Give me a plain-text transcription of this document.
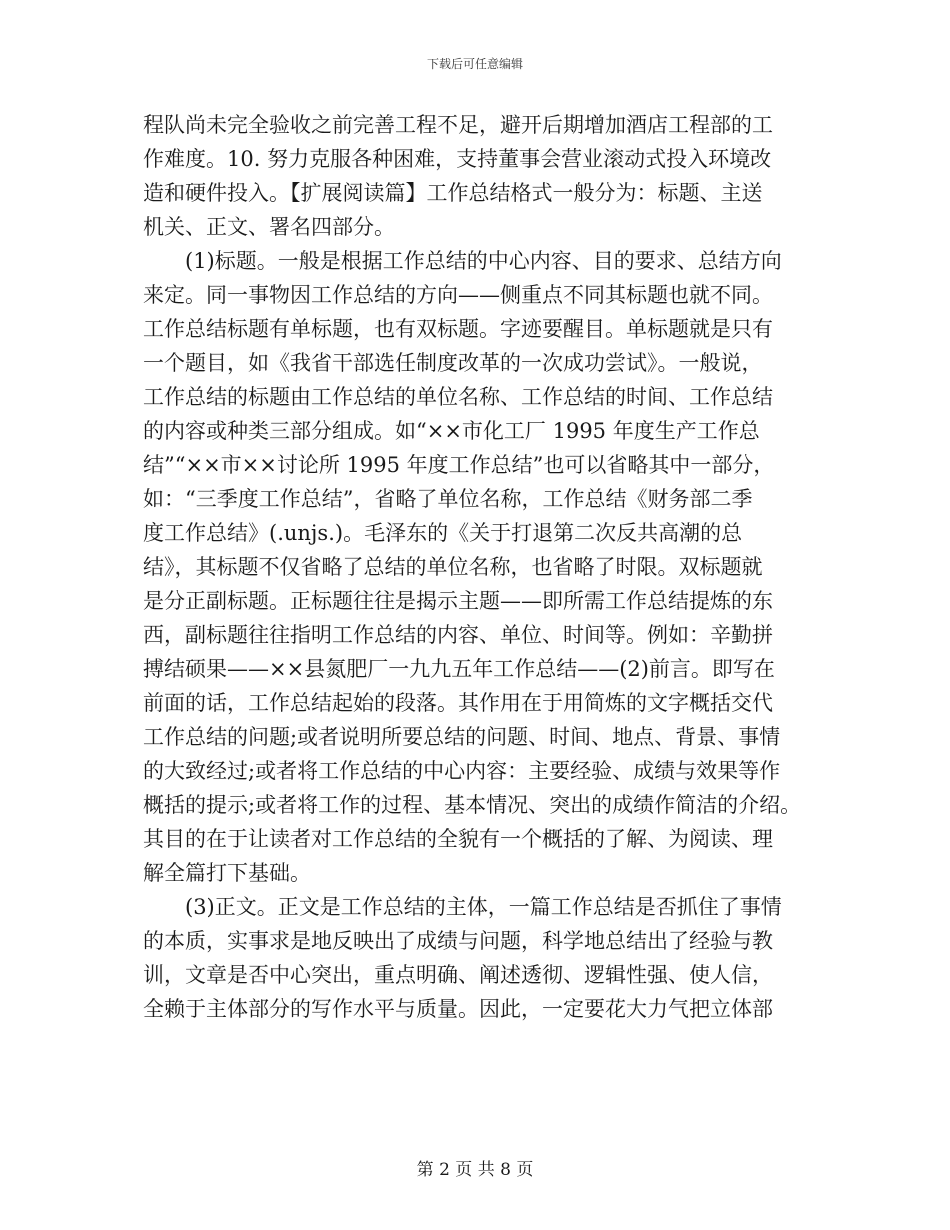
下载后可任意编辑
程队尚未完全验收之前完善工程不足，避开后期增加酒店工程部的工
作难度。10. 努力克服各种困难，支持董事会营业滚动式投入环境改
造和硬件投入。【扩展阅读篇】工作总结格式一般分为：标题、主送
机关、正文、署名四部分。
(1)标题。一般是根据工作总结的中心内容、目的要求、总结方向
来定。同一事物因工作总结的方向——侧重点不同其标题也就不同。
工作总结标题有单标题，也有双标题。字迹要醒目。单标题就是只有
一个题目，如《我省干部选任制度改革的一次成功尝试》。一般说，
工作总结的标题由工作总结的单位名称、工作总结的时间、工作总结
的内容或种类三部分组成。如“××市化工厂 1995 年度生产工作总
结”“××市××讨论所 1995 年度工作总结”也可以省略其中一部分，
如：“三季度工作总结”，省略了单位名称，工作总结《财务部二季
度工作总结》(.unjs.)。毛泽东的《关于打退第二次反共高潮的总
结》，其标题不仅省略了总结的单位名称，也省略了时限。双标题就
是分正副标题。正标题往往是揭示主题——即所需工作总结提炼的东
西，副标题往往指明工作总结的内容、单位、时间等。例如：辛勤拼
搏结硕果——××县氮肥厂一九九五年工作总结——(2)前言。即写在
前面的话，工作总结起始的段落。其作用在于用简炼的文字概括交代
工作总结的问题;或者说明所要总结的问题、时间、地点、背景、事情
的大致经过;或者将工作总结的中心内容：主要经验、成绩与效果等作
概括的提示;或者将工作的过程、基本情况、突出的成绩作简洁的介绍。
其目的在于让读者对工作总结的全貌有一个概括的了解、为阅读、理
解全篇打下基础。
(3)正文。正文是工作总结的主体，一篇工作总结是否抓住了事情
的本质，实事求是地反映出了成绩与问题，科学地总结出了经验与教
训，文章是否中心突出，重点明确、阐述透彻、逻辑性强、使人信，
全赖于主体部分的写作水平与质量。因此，一定要花大力气把立体部
第 2 页 共 8 页
